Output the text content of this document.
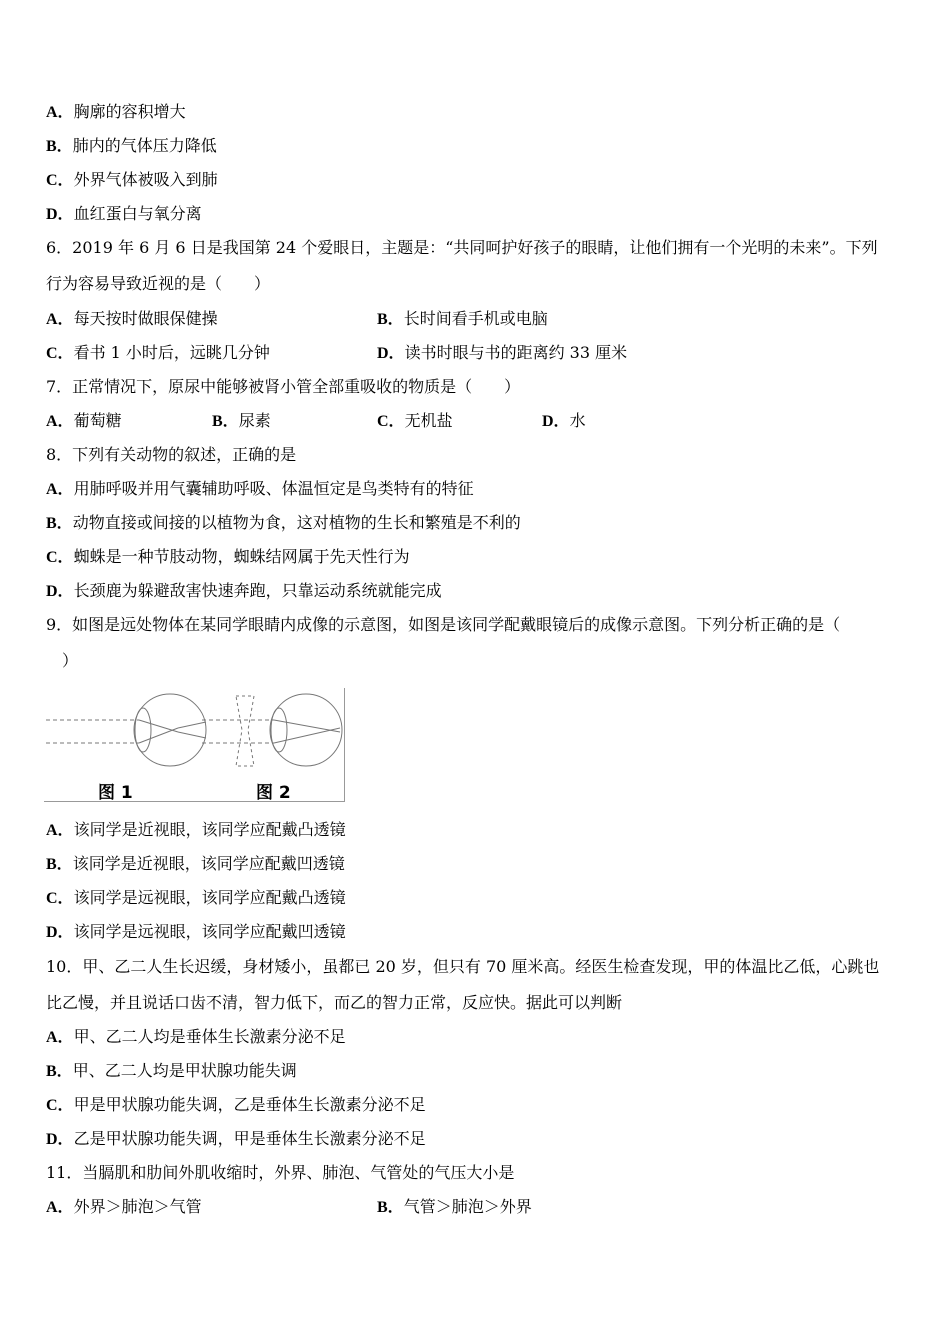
A．胸廓的容积增大
B．肺内的气体压力降低
C．外界气体被吸入到肺
D．血红蛋白与氧分离
6．2019 年 6 月 6 日是我国第 24 个爱眼日，主题是：“共同呵护好孩子的眼睛，让他们拥有一个光明的未来”。下列
行为容易导致近视的是（　　）
A．每天按时做眼保健操	B．长时间看手机或电脑
C．看书 1 小时后，远眺几分钟	D．读书时眼与书的距离约 33 厘米
7．正常情况下，原尿中能够被肾小管全部重吸收的物质是（　　）
A．葡萄糖	B．尿素	C．无机盐	D．水
8．下列有关动物的叙述，正确的是
A．用肺呼吸并用气囊辅助呼吸、体温恒定是鸟类特有的特征
B．动物直接或间接的以植物为食，这对植物的生长和繁殖是不利的
C．蜘蛛是一种节肢动物，蜘蛛结网属于先天性行为
D．长颈鹿为躲避敌害快速奔跑，只靠运动系统就能完成
9．如图是远处物体在某同学眼睛内成像的示意图，如图是该同学配戴眼镜后的成像示意图。下列分析正确的是（
）
图 1	图 2
A．该同学是近视眼，该同学应配戴凸透镜
B．该同学是近视眼，该同学应配戴凹透镜
C．该同学是远视眼，该同学应配戴凸透镜
D．该同学是远视眼，该同学应配戴凹透镜
10．甲、乙二人生长迟缓，身材矮小，虽都已 20 岁，但只有 70 厘米高。经医生检查发现，甲的体温比乙低，心跳也
比乙慢，并且说话口齿不清，智力低下，而乙的智力正常，反应快。据此可以判断
A．甲、乙二人均是垂体生长激素分泌不足
B．甲、乙二人均是甲状腺功能失调
C．甲是甲状腺功能失调，乙是垂体生长激素分泌不足
D．乙是甲状腺功能失调，甲是垂体生长激素分泌不足
11．当膈肌和肋间外肌收缩时，外界、肺泡、气管处的气压大小是
A．外界＞肺泡＞气管	B．气管＞肺泡＞外界
